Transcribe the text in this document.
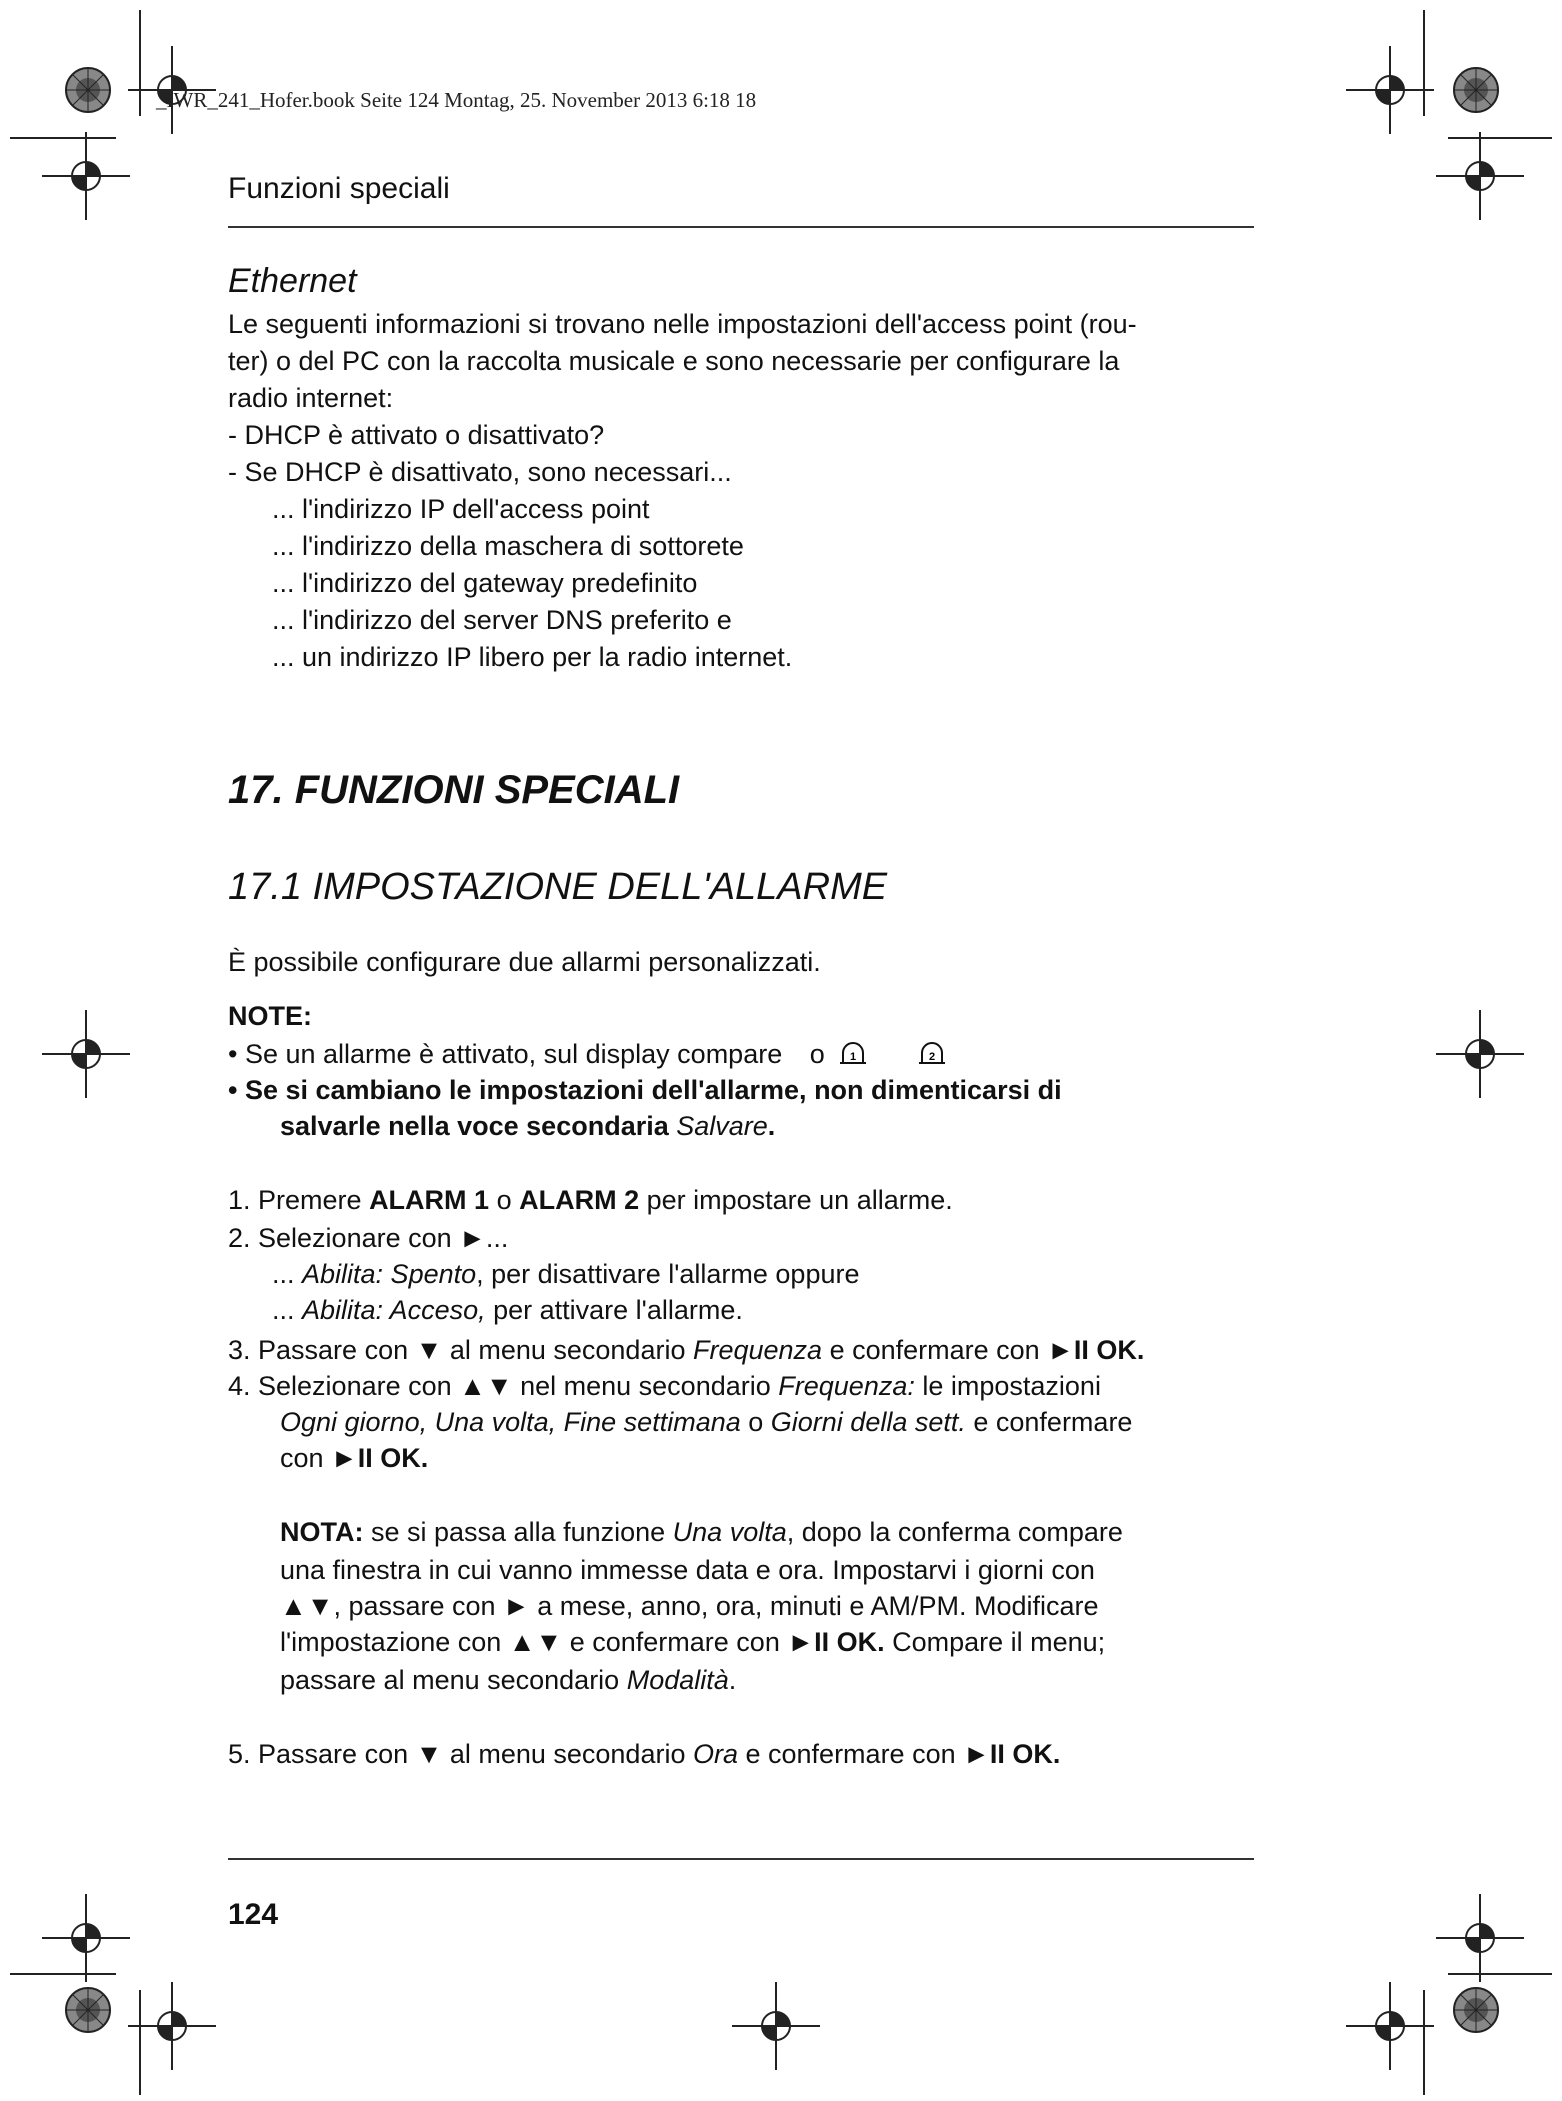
_IWR_241_Hofer.book Seite 124 Montag, 25. November 2013 6:18 18
Funzioni speciali
Ethernet
Le seguenti informazioni si trovano nelle impostazioni dell'access point (rou-
ter) o del PC con la raccolta musicale e sono necessarie per configurare la
radio internet:
- DHCP è attivato o disattivato?
- Se DHCP è disattivato, sono necessari...
... l'indirizzo IP dell'access point
... l'indirizzo della maschera di sottorete
... l'indirizzo del gateway predefinito
... l'indirizzo del server DNS preferito e
... un indirizzo IP libero per la radio internet.
17. FUNZIONI SPECIALI
17.1 IMPOSTAZIONE DELL'ALLARME
È possibile configurare due allarmi personalizzati.
NOTE:
• Se un allarme è attivato, sul display compare o 1
	2
• Se si cambiano le impostazioni dell'allarme, non dimenticarsi di
salvarle nella voce secondaria Salvare.
1. Premere ALARM 1 o ALARM 2 per impostare un allarme.
2. Selezionare con ►...
... Abilita: Spento, per disattivare l'allarme oppure
... Abilita: Acceso, per attivare l'allarme.
3. Passare con ▼ al menu secondario Frequenza e confermare con ►II OK.
4. Selezionare con ▲▼ nel menu secondario Frequenza: le impostazioni
Ogni giorno, Una volta, Fine settimana o Giorni della sett. e confermare
con ►II OK.
NOTA: se si passa alla funzione Una volta, dopo la conferma compare
una finestra in cui vanno immesse data e ora. Impostarvi i giorni con
▲▼, passare con ► a mese, anno, ora, minuti e AM/PM. Modificare
l'impostazione con ▲▼ e confermare con ►II OK. Compare il menu;
passare al menu secondario Modalità.
5. Passare con ▼ al menu secondario Ora e confermare con ►II OK.
124
